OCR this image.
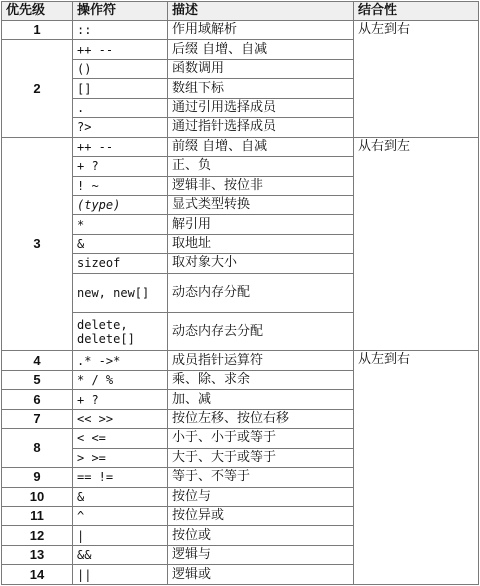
优先级	操作符	描述	结合性
1	::	作用域解析	从左到右
2	++ --	后缀 自增、自减	
	()	函数调用	
	[]	数组下标	
	.	通过引用选择成员	
	?>	通过指针选择成员	
3	++ --	前缀 自增、自减	从右到左
	+ ?	正、负	
	! ~	逻辑非、按位非	
	(type)	显式类型转换	
	*	解引用	
	&	取地址	
	sizeof	取对象大小	
	new, new[]	动态内存分配	
	delete, delete[]	动态内存去分配	
4	.* ->*	成员指针运算符	从左到右
5	* / %	乘、除、求余	
6	+ ?	加、减	
7	<< >>	按位左移、按位右移	
8	< <=	小于、小于或等于	
	> >=	大于、大于或等于	
9	== !=	等于、不等于	
10	&	按位与	
11	^	按位异或	
12	|	按位或	
13	&&	逻辑与	
14	||	逻辑或	
